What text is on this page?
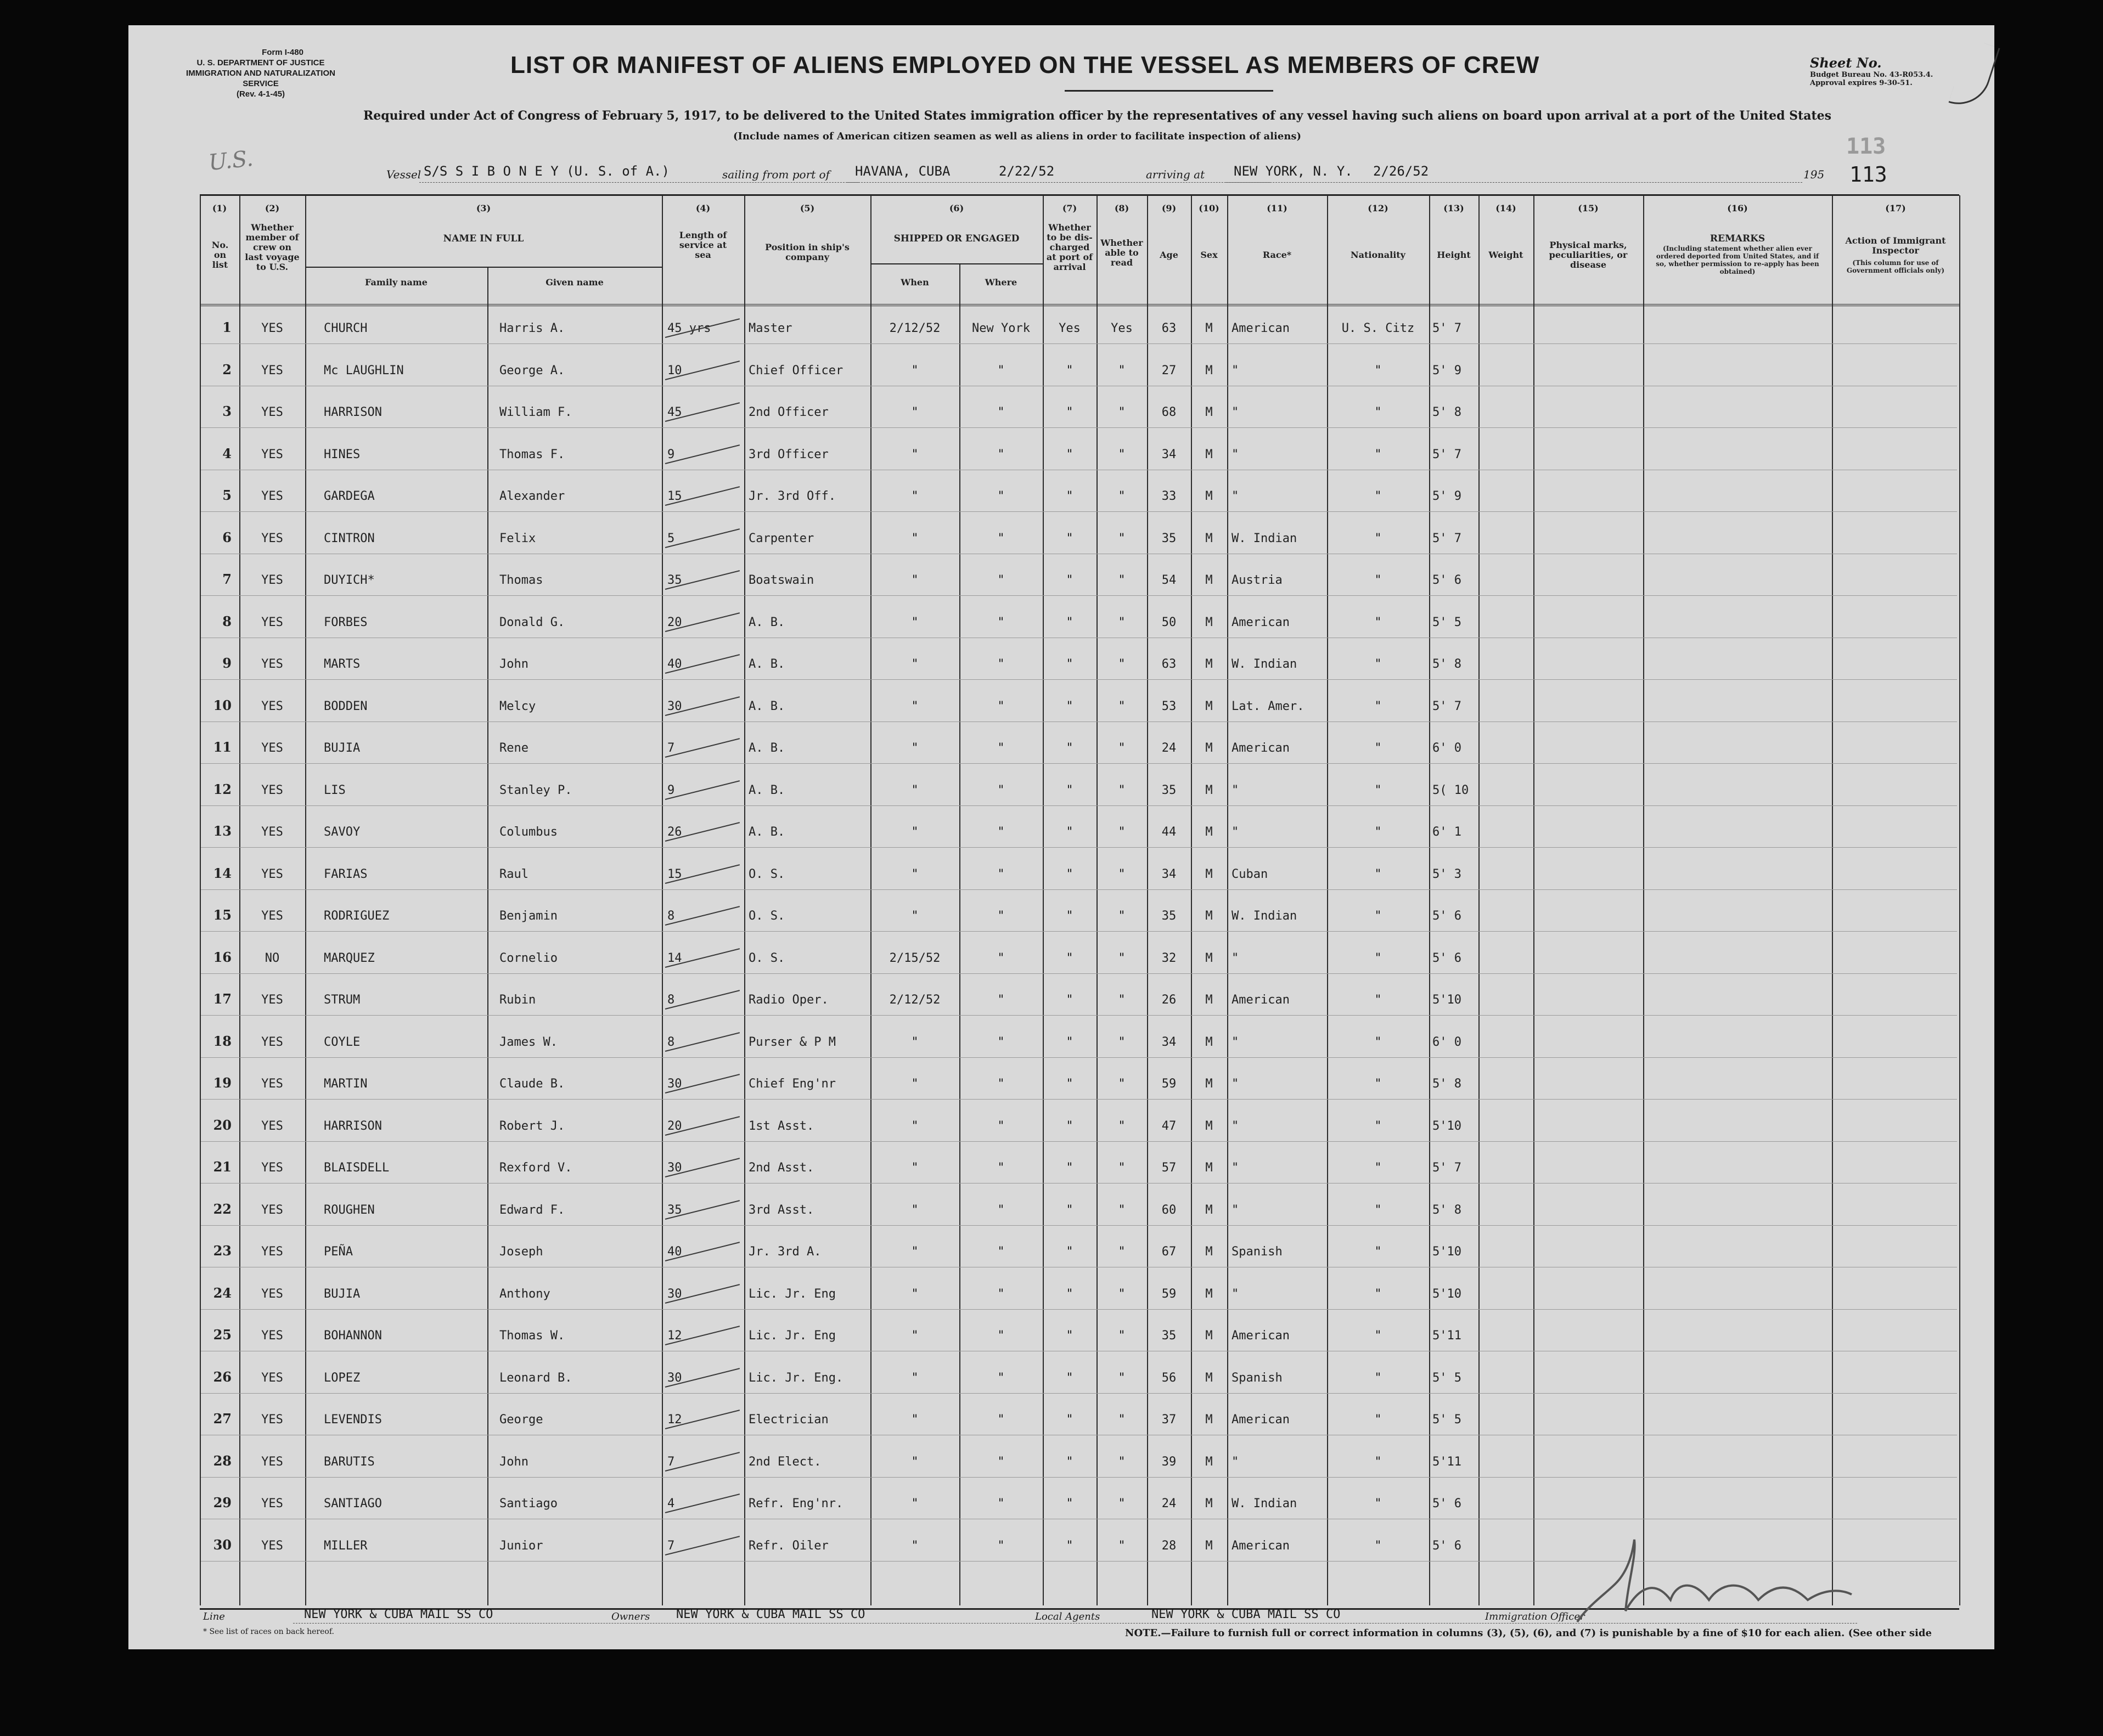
Form I-480
U. S. DEPARTMENT OF JUSTICE
IMMIGRATION AND NATURALIZATION SERVICE
(Rev. 4-1-45)
LIST OR MANIFEST OF ALIENS EMPLOYED ON THE VESSEL AS MEMBERS OF CREW	Sheet No.
Budget Bureau No. 43-R053.4.
Approval expires 9-30-51.
Required under Act of Congress of February 5, 1917, to be delivered to the United States immigration officer by the representatives of any vessel having such aliens on board upon arrival at a port of the United States
(Include names of American citizen seamen as well as aliens in order to facilitate inspection of aliens)	113
113
U.S.	Vessel S/S S I B O N E Y (U. S. of A.)	sailing from port of HAVANA, CUBA	2/22/52	arriving at NEW YORK, N. Y. 2/26/52	195
(1)	(2)	(3)	(4)	(5)	(6)	(7)	(8)	(9)	(10)	(11)	(12)	(13)	(14)	(15)	(16)	(17)
No. on list
Whether member of crew on last voyage to U.S.
NAME IN FULL
Family name	Given name
Length of service at sea
Position in ship's company
SHIPPED OR ENGAGED
When	Where
Whether to be dis-charged at port of arrival
Whether able to read
Age	Sex	Race*	Nationality	Height	Weight
Physical marks, peculiarities, or disease
REMARKS
(Including statement whether alien ever ordered deported from United States, and if so, whether permission to re-apply has been obtained)
Action of Immigrant Inspector
(This column for use of Government officials only)
1	YES	CHURCH	Harris A.	45 yrs	Master	2/12/52	New York	Yes	Yes	63	M	American	U. S. Citz	5' 7
2	YES	Mc LAUGHLIN	George A.	10	Chief Officer	"	"	"	"	27	M	"	"	5' 9
3	YES	HARRISON	William F.	45	2nd Officer	"	"	"	"	68	M	"	"	5' 8
4	YES	HINES	Thomas F.	9	3rd Officer	"	"	"	"	34	M	"	"	5' 7
5	YES	GARDEGA	Alexander	15	Jr. 3rd Off.	"	"	"	"	33	M	"	"	5' 9
6	YES	CINTRON	Felix	5	Carpenter	"	"	"	"	35	M	W. Indian	"	5' 7
7	YES	DUYICH*	Thomas	35	Boatswain	"	"	"	"	54	M	Austria	"	5' 6
8	YES	FORBES	Donald G.	20	A. B.	"	"	"	"	50	M	American	"	5' 5
9	YES	MARTS	John	40	A. B.	"	"	"	"	63	M	W. Indian	"	5' 8
10	YES	BODDEN	Melcy	30	A. B.	"	"	"	"	53	M	Lat. Amer.	"	5' 7
11	YES	BUJIA	Rene	7	A. B.	"	"	"	"	24	M	American	"	6' 0
12	YES	LIS	Stanley P.	9	A. B.	"	"	"	"	35	M	"	"	5( 10
13	YES	SAVOY	Columbus	26	A. B.	"	"	"	"	44	M	"	"	6' 1
14	YES	FARIAS	Raul	15	O. S.	"	"	"	"	34	M	Cuban	"	5' 3
15	YES	RODRIGUEZ	Benjamin	8	O. S.	"	"	"	"	35	M	W. Indian	"	5' 6
16	NO	MARQUEZ	Cornelio	14	O. S.	2/15/52	"	"	"	32	M	"	"	5' 6
17	YES	STRUM	Rubin	8	Radio Oper.	2/12/52	"	"	"	26	M	American	"	5'10
18	YES	COYLE	James W.	8	Purser & P M	"	"	"	"	34	M	"	"	6' 0
19	YES	MARTIN	Claude B.	30	Chief Eng'nr	"	"	"	"	59	M	"	"	5' 8
20	YES	HARRISON	Robert J.	20	1st Asst.	"	"	"	"	47	M	"	"	5'10
21	YES	BLAISDELL	Rexford V.	30	2nd Asst.	"	"	"	"	57	M	"	"	5' 7
22	YES	ROUGHEN	Edward F.	35	3rd Asst.	"	"	"	"	60	M	"	"	5' 8
23	YES	PEÑA	Joseph	40	Jr. 3rd A.	"	"	"	"	67	M	Spanish	"	5'10
24	YES	BUJIA	Anthony	30	Lic. Jr. Eng	"	"	"	"	59	M	"	"	5'10
25	YES	BOHANNON	Thomas W.	12	Lic. Jr. Eng	"	"	"	"	35	M	American	"	5'11
26	YES	LOPEZ	Leonard B.	30	Lic. Jr. Eng.	"	"	"	"	56	M	Spanish	"	5' 5
27	YES	LEVENDIS	George	12	Electrician	"	"	"	"	37	M	American	"	5' 5
28	YES	BARUTIS	John	7	2nd Elect.	"	"	"	"	39	M	"	"	5'11
29	YES	SANTIAGO	Santiago	4	Refr. Eng'nr.	"	"	"	"	24	M	W. Indian	"	5' 6
30	YES	MILLER	Junior	7	Refr. Oiler	"	"	"	"	28	M	American	"	5' 6
Line	NEW YORK & CUBA MAIL SS CO	Owners NEW YORK & CUBA MAIL SS CO	Local Agents	NEW YORK & CUBA MAIL SS CO	Immigration Officer
* See list of races on back hereof.	NOTE.—Failure to furnish full or correct information in columns (3), (5), (6), and (7) is punishable by a fine of $10 for each alien. (See other side
